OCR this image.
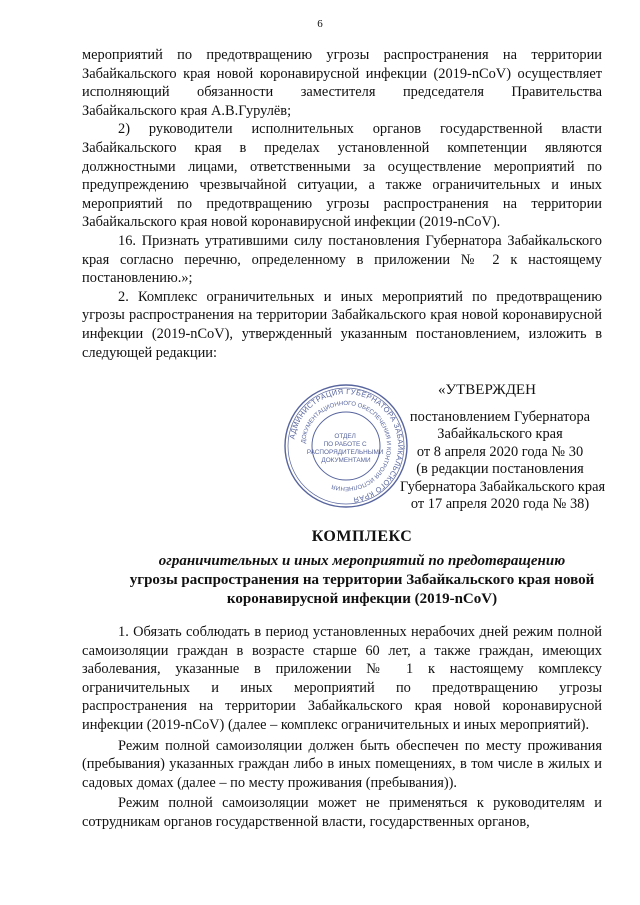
6

мероприятий по предотвращению угрозы распространения на территории Забайкальского края новой коронавирусной инфекции (2019-nCoV) осуществляет исполняющий обязанности заместителя председателя Правительства Забайкальского края А.В.Гурулёв;

2) руководители исполнительных органов государственной власти Забайкальского края в пределах установленной компетенции являются должностными лицами, ответственными за осуществление мероприятий по предупреждению чрезвычайной ситуации, а также ограничительных и иных мероприятий по предотвращению угрозы распространения на территории Забайкальского края новой коронавирусной инфекции (2019-nCoV).

16. Признать утратившими силу постановления Губернатора Забайкальского края согласно перечню, определенному в приложении № 2 к настоящему постановлению.»;

2. Комплекс ограничительных и иных мероприятий по предотвращению угрозы распространения на территории Забайкальского края новой коронавирусной инфекции (2019-nCoV), утвержденный указанным постановлением, изложить в следующей редакции:

АДМИНИСТРАЦИЯ ГУБЕРНАТОРА ЗАБАЙКАЛЬСКОГО КРАЯ
ДОКУМЕНТАЦИОННОГО ОБЕСПЕЧЕНИЯ И КОНТРОЛЯ ИСПОЛНЕНИЯ
ОТДЕЛ ПО РАБОТЕ С РАСПОРЯДИТЕЛЬНЫМИ ДОКУМЕНТАМИ
«УТВЕРЖДЕН
постановлением Губернатора
Забайкальского края
от 8 апреля 2020 года № 30
(в редакции постановления
Губернатора Забайкальского края
от 17 апреля 2020 года № 38)
КОМПЛЕКС
ограничительных и иных мероприятий по предотвращению
угрозы распространения на территории Забайкальского края новой
коронавирусной инфекции (2019-nCoV)

1. Обязать соблюдать в период установленных нерабочих дней режим полной самоизоляции граждан в возрасте старше 60 лет, а также граждан, имеющих заболевания, указанные в приложении № 1 к настоящему комплексу ограничительных и иных мероприятий по предотвращению угрозы распространения на территории Забайкальского края новой коронавирусной инфекции (2019-nCoV) (далее – комплекс ограничительных и иных мероприятий).

Режим полной самоизоляции должен быть обеспечен по месту проживания (пребывания) указанных граждан либо в иных помещениях, в том числе в жилых и садовых домах (далее – по месту проживания (пребывания)).

Режим полной самоизоляции может не применяться к руководителям и сотрудникам органов государственной власти, государственных органов,
